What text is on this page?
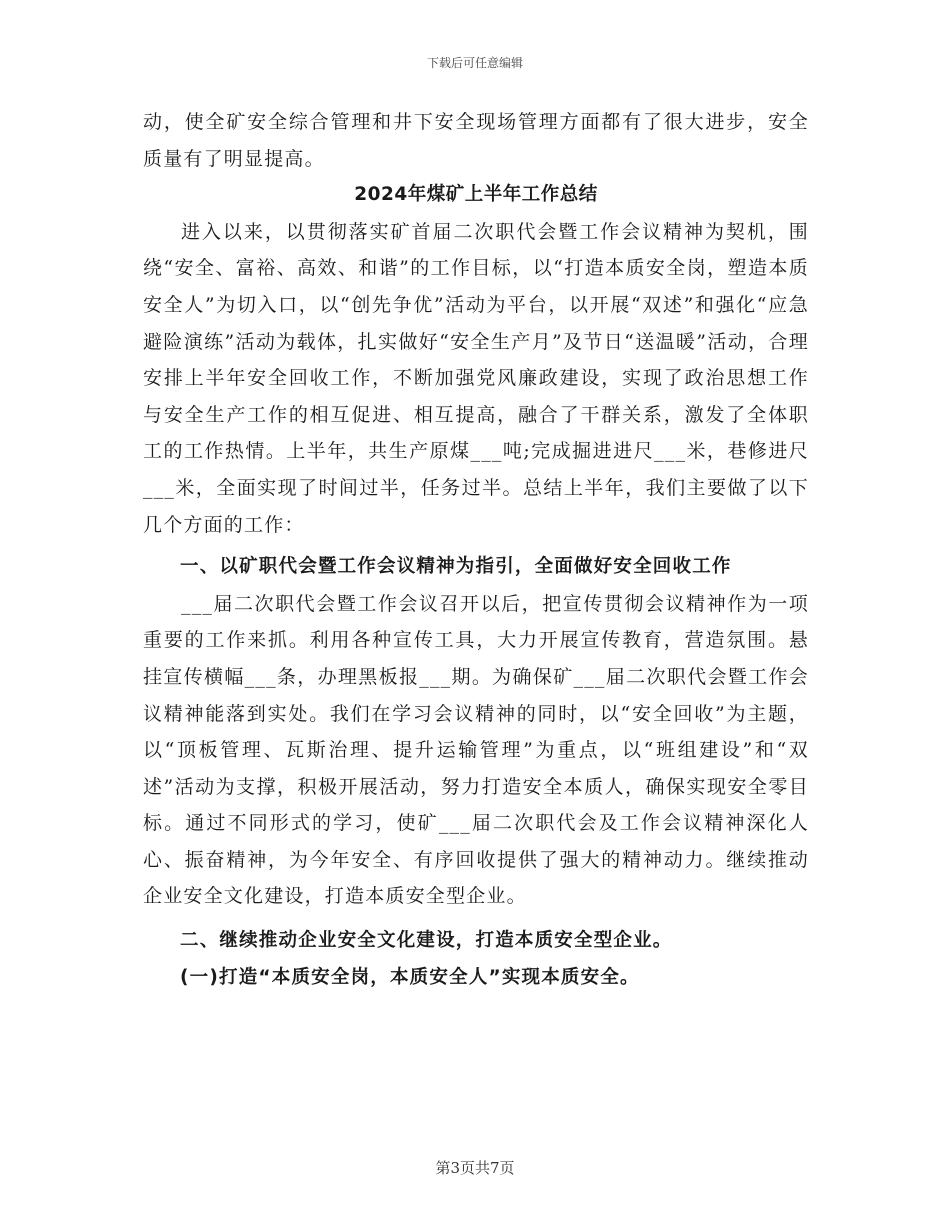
下载后可任意编辑

动，使全矿安全综合管理和井下安全现场管理方面都有了很大进步，安全质量有了明显提高。

2024年煤矿上半年工作总结

进入以来，以贯彻落实矿首届二次职代会暨工作会议精神为契机，围绕“安全、富裕、高效、和谐”的工作目标，以“打造本质安全岗，塑造本质安全人”为切入口，以“创先争优”活动为平台，以开展“双述”和强化“应急避险演练”活动为载体，扎实做好“安全生产月”及节日“送温暖”活动，合理安排上半年安全回收工作，不断加强党风廉政建设，实现了政治思想工作与安全生产工作的相互促进、相互提高，融合了干群关系，激发了全体职工的工作热情。上半年，共生产原煤___吨;完成掘进进尺___米，巷修进尺___米，全面实现了时间过半，任务过半。总结上半年，我们主要做了以下几个方面的工作：

一、以矿职代会暨工作会议精神为指引，全面做好安全回收工作

___届二次职代会暨工作会议召开以后，把宣传贯彻会议精神作为一项重要的工作来抓。利用各种宣传工具，大力开展宣传教育，营造氛围。悬挂宣传横幅___条，办理黑板报___期。为确保矿___届二次职代会暨工作会议精神能落到实处。我们在学习会议精神的同时，以“安全回收”为主题，以“顶板管理、瓦斯治理、提升运输管理”为重点，以“班组建设”和“双述”活动为支撑，积极开展活动，努力打造安全本质人，确保实现安全零目标。通过不同形式的学习，使矿___届二次职代会及工作会议精神深化人心、振奋精神，为今年安全、有序回收提供了强大的精神动力。继续推动企业安全文化建设，打造本质安全型企业。

二、继续推动企业安全文化建设，打造本质安全型企业。

(一)打造“本质安全岗，本质安全人”实现本质安全。

第3页共7页
